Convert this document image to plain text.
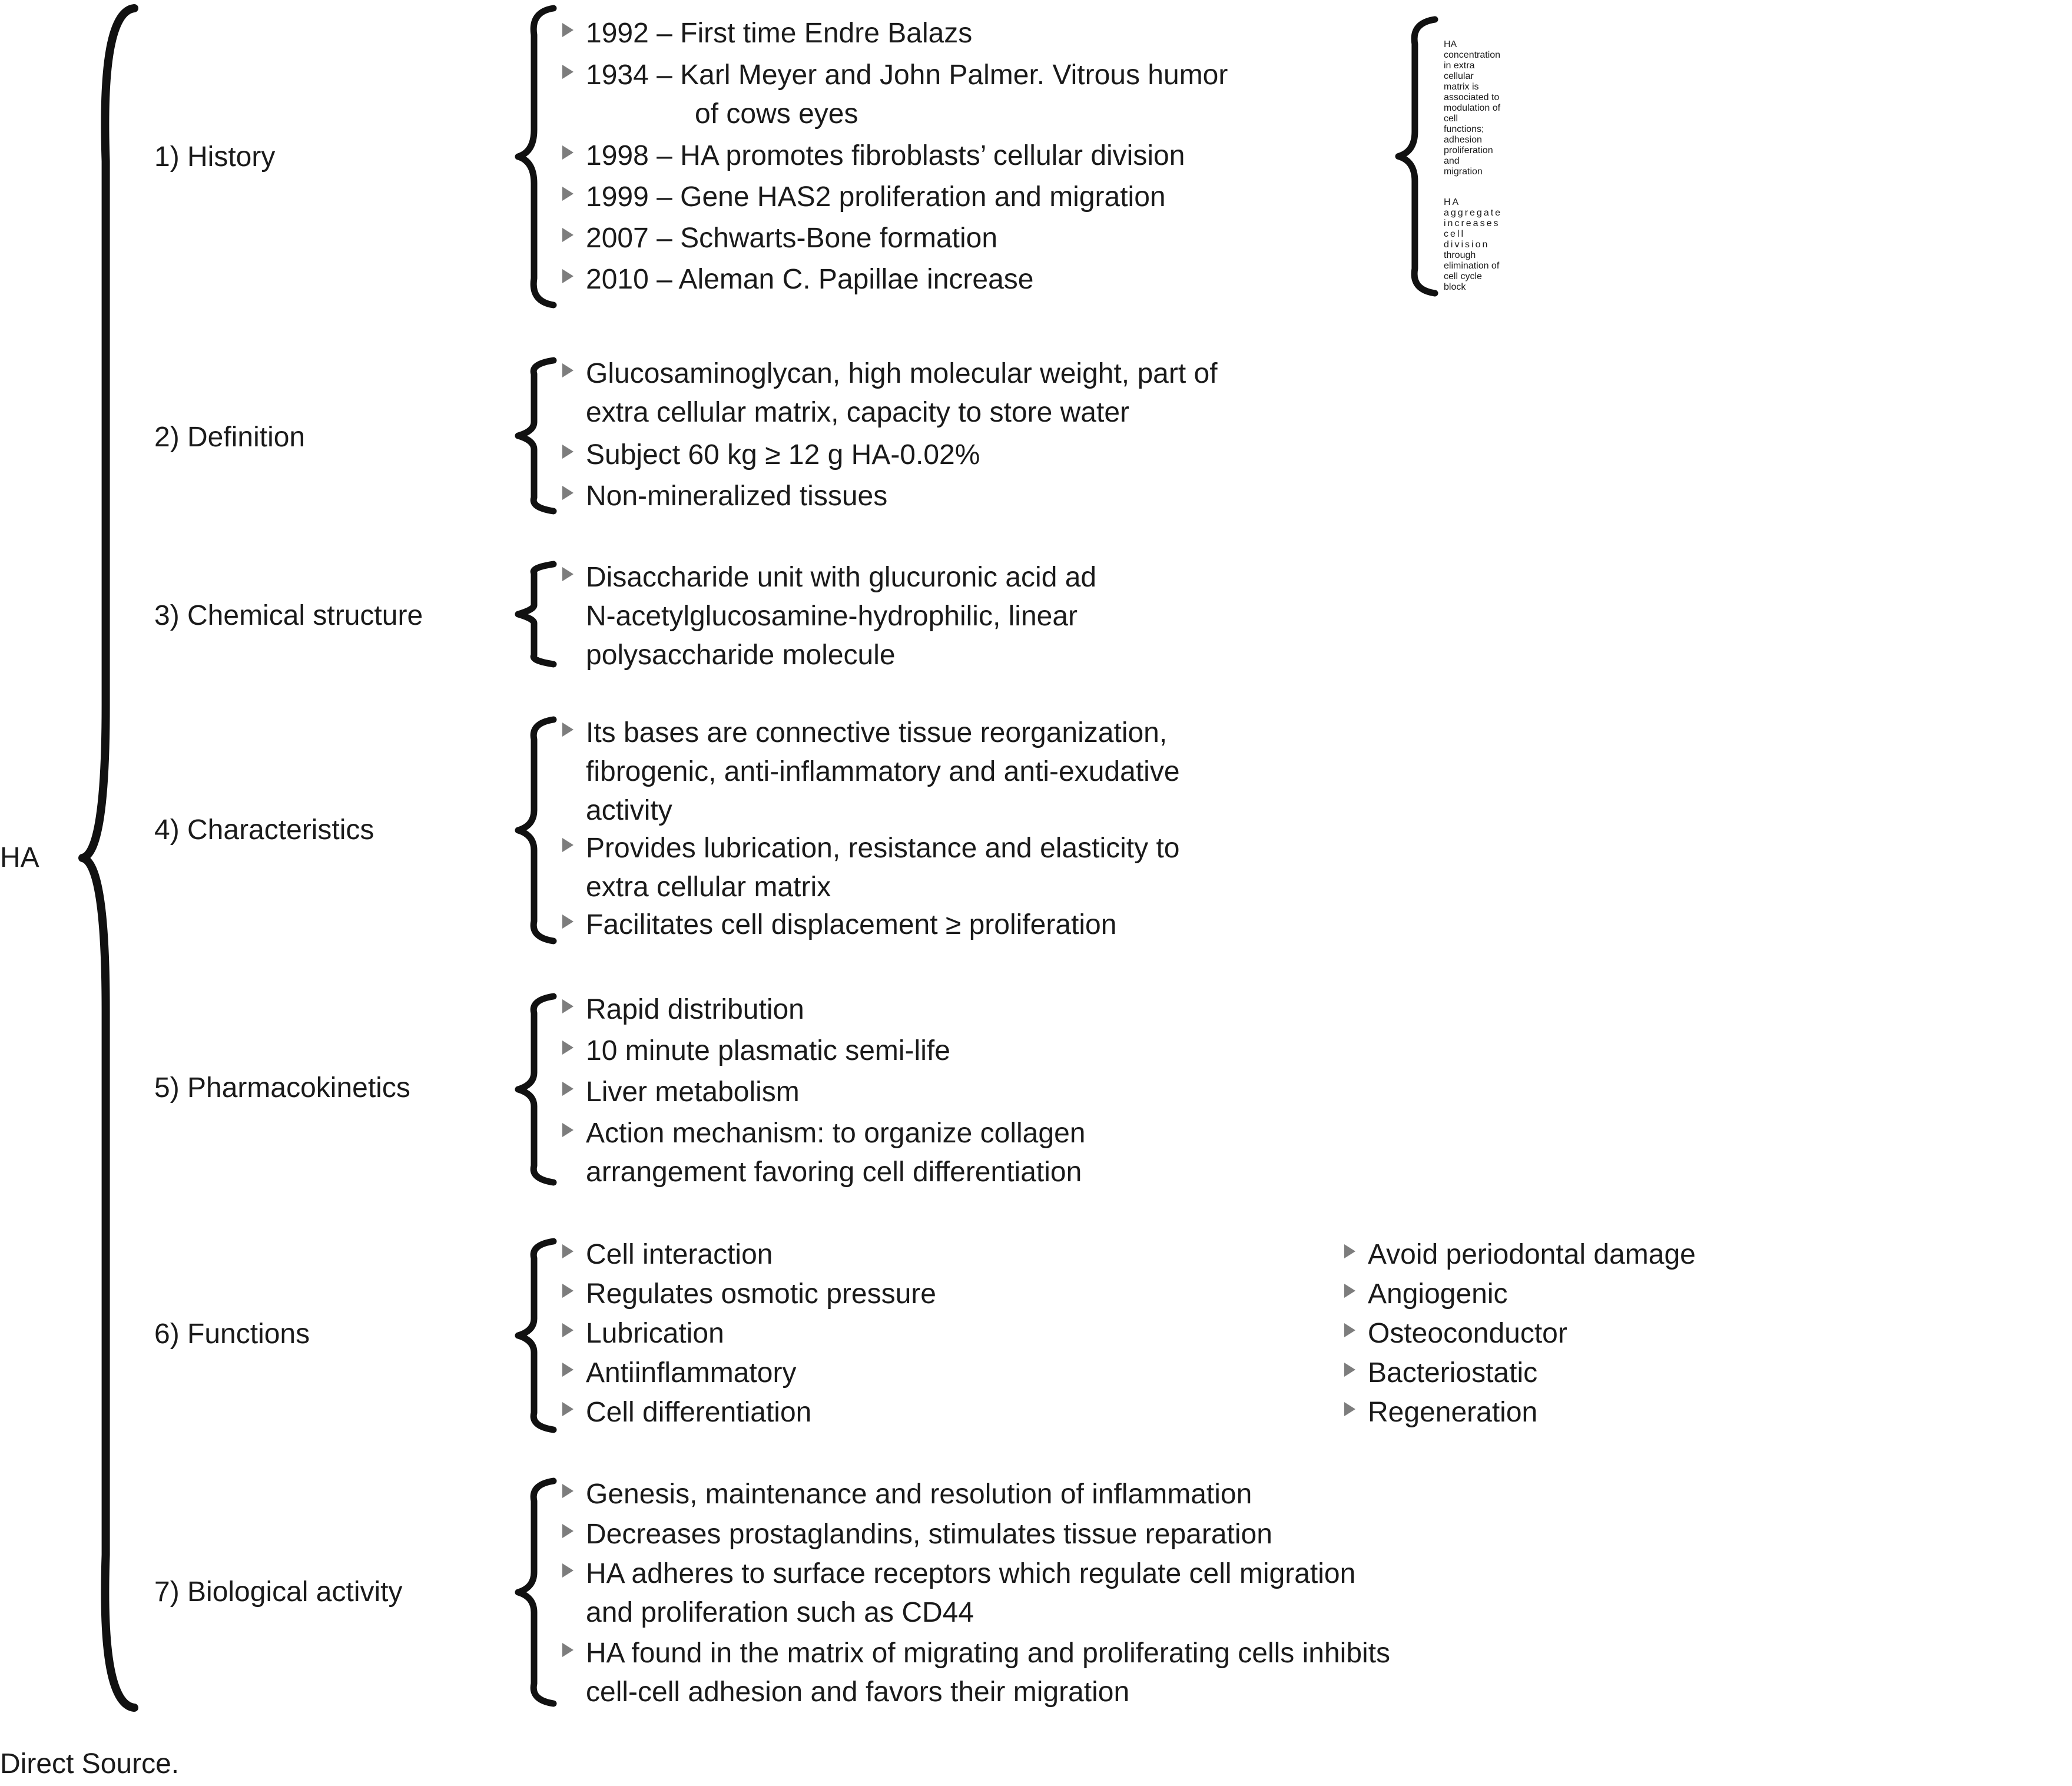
HA
1) History
2) Definition
3) Chemical structure
4) Characteristics
5) Pharmacokinetics
6) Functions
7) Biological activity
HA concentration in extra cellular matrix is associated to modulation of cell functions; adhesion proliferation and migration
HA aggregate increases cell division through elimination of cell cycle block
Direct Source.
1992 – First time Endre Balazs
1934 – Karl Meyer and John Palmer. Vitrous humor
of cows eyes
1998 – HA promotes fibroblasts’ cellular division
1999 – Gene HAS2 proliferation and migration
2007 – Schwarts-Bone formation
2010 – Aleman C. Papillae increase
Glucosaminoglycan, high molecular weight, part of
extra cellular matrix, capacity to store water
Subject 60 kg ≥ 12 g HA-0.02%
Non-mineralized tissues
Disaccharide unit with glucuronic acid ad
N-acetylglucosamine-hydrophilic, linear
polysaccharide molecule
Its bases are connective tissue reorganization,
fibrogenic, anti-inflammatory and anti-exudative
activity
Provides lubrication, resistance and elasticity to
extra cellular matrix
Facilitates cell displacement ≥ proliferation
Rapid distribution
10 minute plasmatic semi-life
Liver metabolism
Action mechanism: to organize collagen
arrangement favoring cell differentiation
Cell interaction
Regulates osmotic pressure
Lubrication
Antiinflammatory
Cell differentiation
Avoid periodontal damage
Angiogenic
Osteoconductor
Bacteriostatic
Regeneration
Genesis, maintenance and resolution of inflammation
Decreases prostaglandins, stimulates tissue reparation
HA adheres to surface receptors which regulate cell migration
and proliferation such as CD44
HA found in the matrix of migrating and proliferating cells inhibits
cell-cell adhesion and favors their migration
